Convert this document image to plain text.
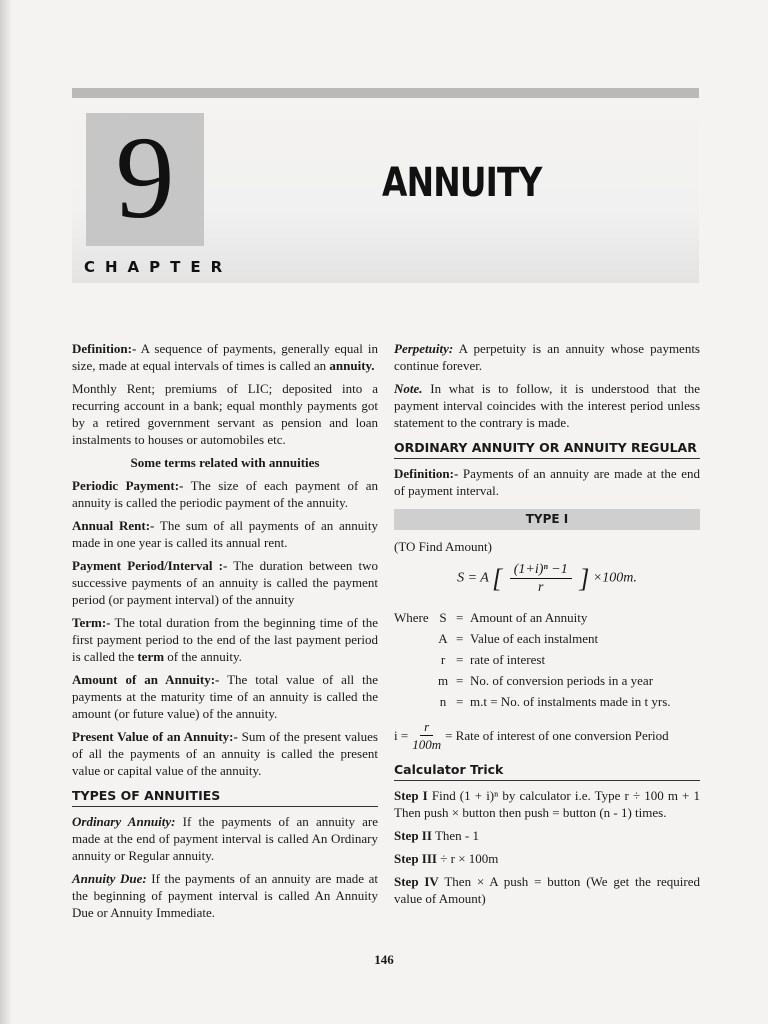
9
CHAPTER
ANNUITY

Definition:- A sequence of payments, generally equal in size, made at equal intervals of times is called an annuity.

Monthly Rent; premiums of LIC; deposited into a recurring account in a bank; equal monthly payments got by a retired government servant as pension and loan instalments to houses or automobiles etc.

Some terms related with annuities

Periodic Payment:- The size of each payment of an annuity is called the periodic payment of the annuity.

Annual Rent:- The sum of all payments of an annuity made in one year is called its annual rent.

Payment Period/Interval :- The duration between two successive payments of an annuity is called the payment period (or payment interval) of the annuity

Term:- The total duration from the beginning time of the first payment period to the end of the last payment period is called the term of the annuity.

Amount of an Annuity:- The total value of all the payments at the maturity time of an annuity is called the amount (or future value) of the annuity.

Present Value of an Annuity:- Sum of the present values of all the payments of an annuity is called the present value or capital value of the annuity.

TYPES OF ANNUITIES

Ordinary Annuity: If the payments of an annuity are made at the end of payment interval is called An Ordinary annuity or Regular annuity.

Annuity Due: If the payments of an annuity are made at the beginning of payment interval is called An Annuity Due or Annuity Immediate.

Perpetuity: A perpetuity is an annuity whose payments continue forever.

Note. In what is to follow, it is understood that the payment interval coincides with the interest period unless statement to the contrary is made.

ORDINARY ANNUITY OR ANNUITY REGULAR

Definition:- Payments of an annuity are made at the end of payment interval.

TYPE I

(TO Find Amount)

S = A [ $\frac{\text{(1+i)ⁿ −1}}{r}$ ] ×100m.
Where S = Amount of an Annuity
A = Value of each instalment
r = rate of interest
m = No. of conversion periods in a year
n = m.t = No. of instalments made in t yrs.
$i = \frac{r}{100m}$ = Rate of interest of one conversion Period
Calculator Trick

Step I Find (1 + i)ⁿ by calculator i.e. Type r ÷ 100 m + 1 Then push × button then push = button (n - 1) times.

Step II Then - 1

Step III ÷ r × 100m

Step IV Then × A push = button (We get the required value of Amount)

146
